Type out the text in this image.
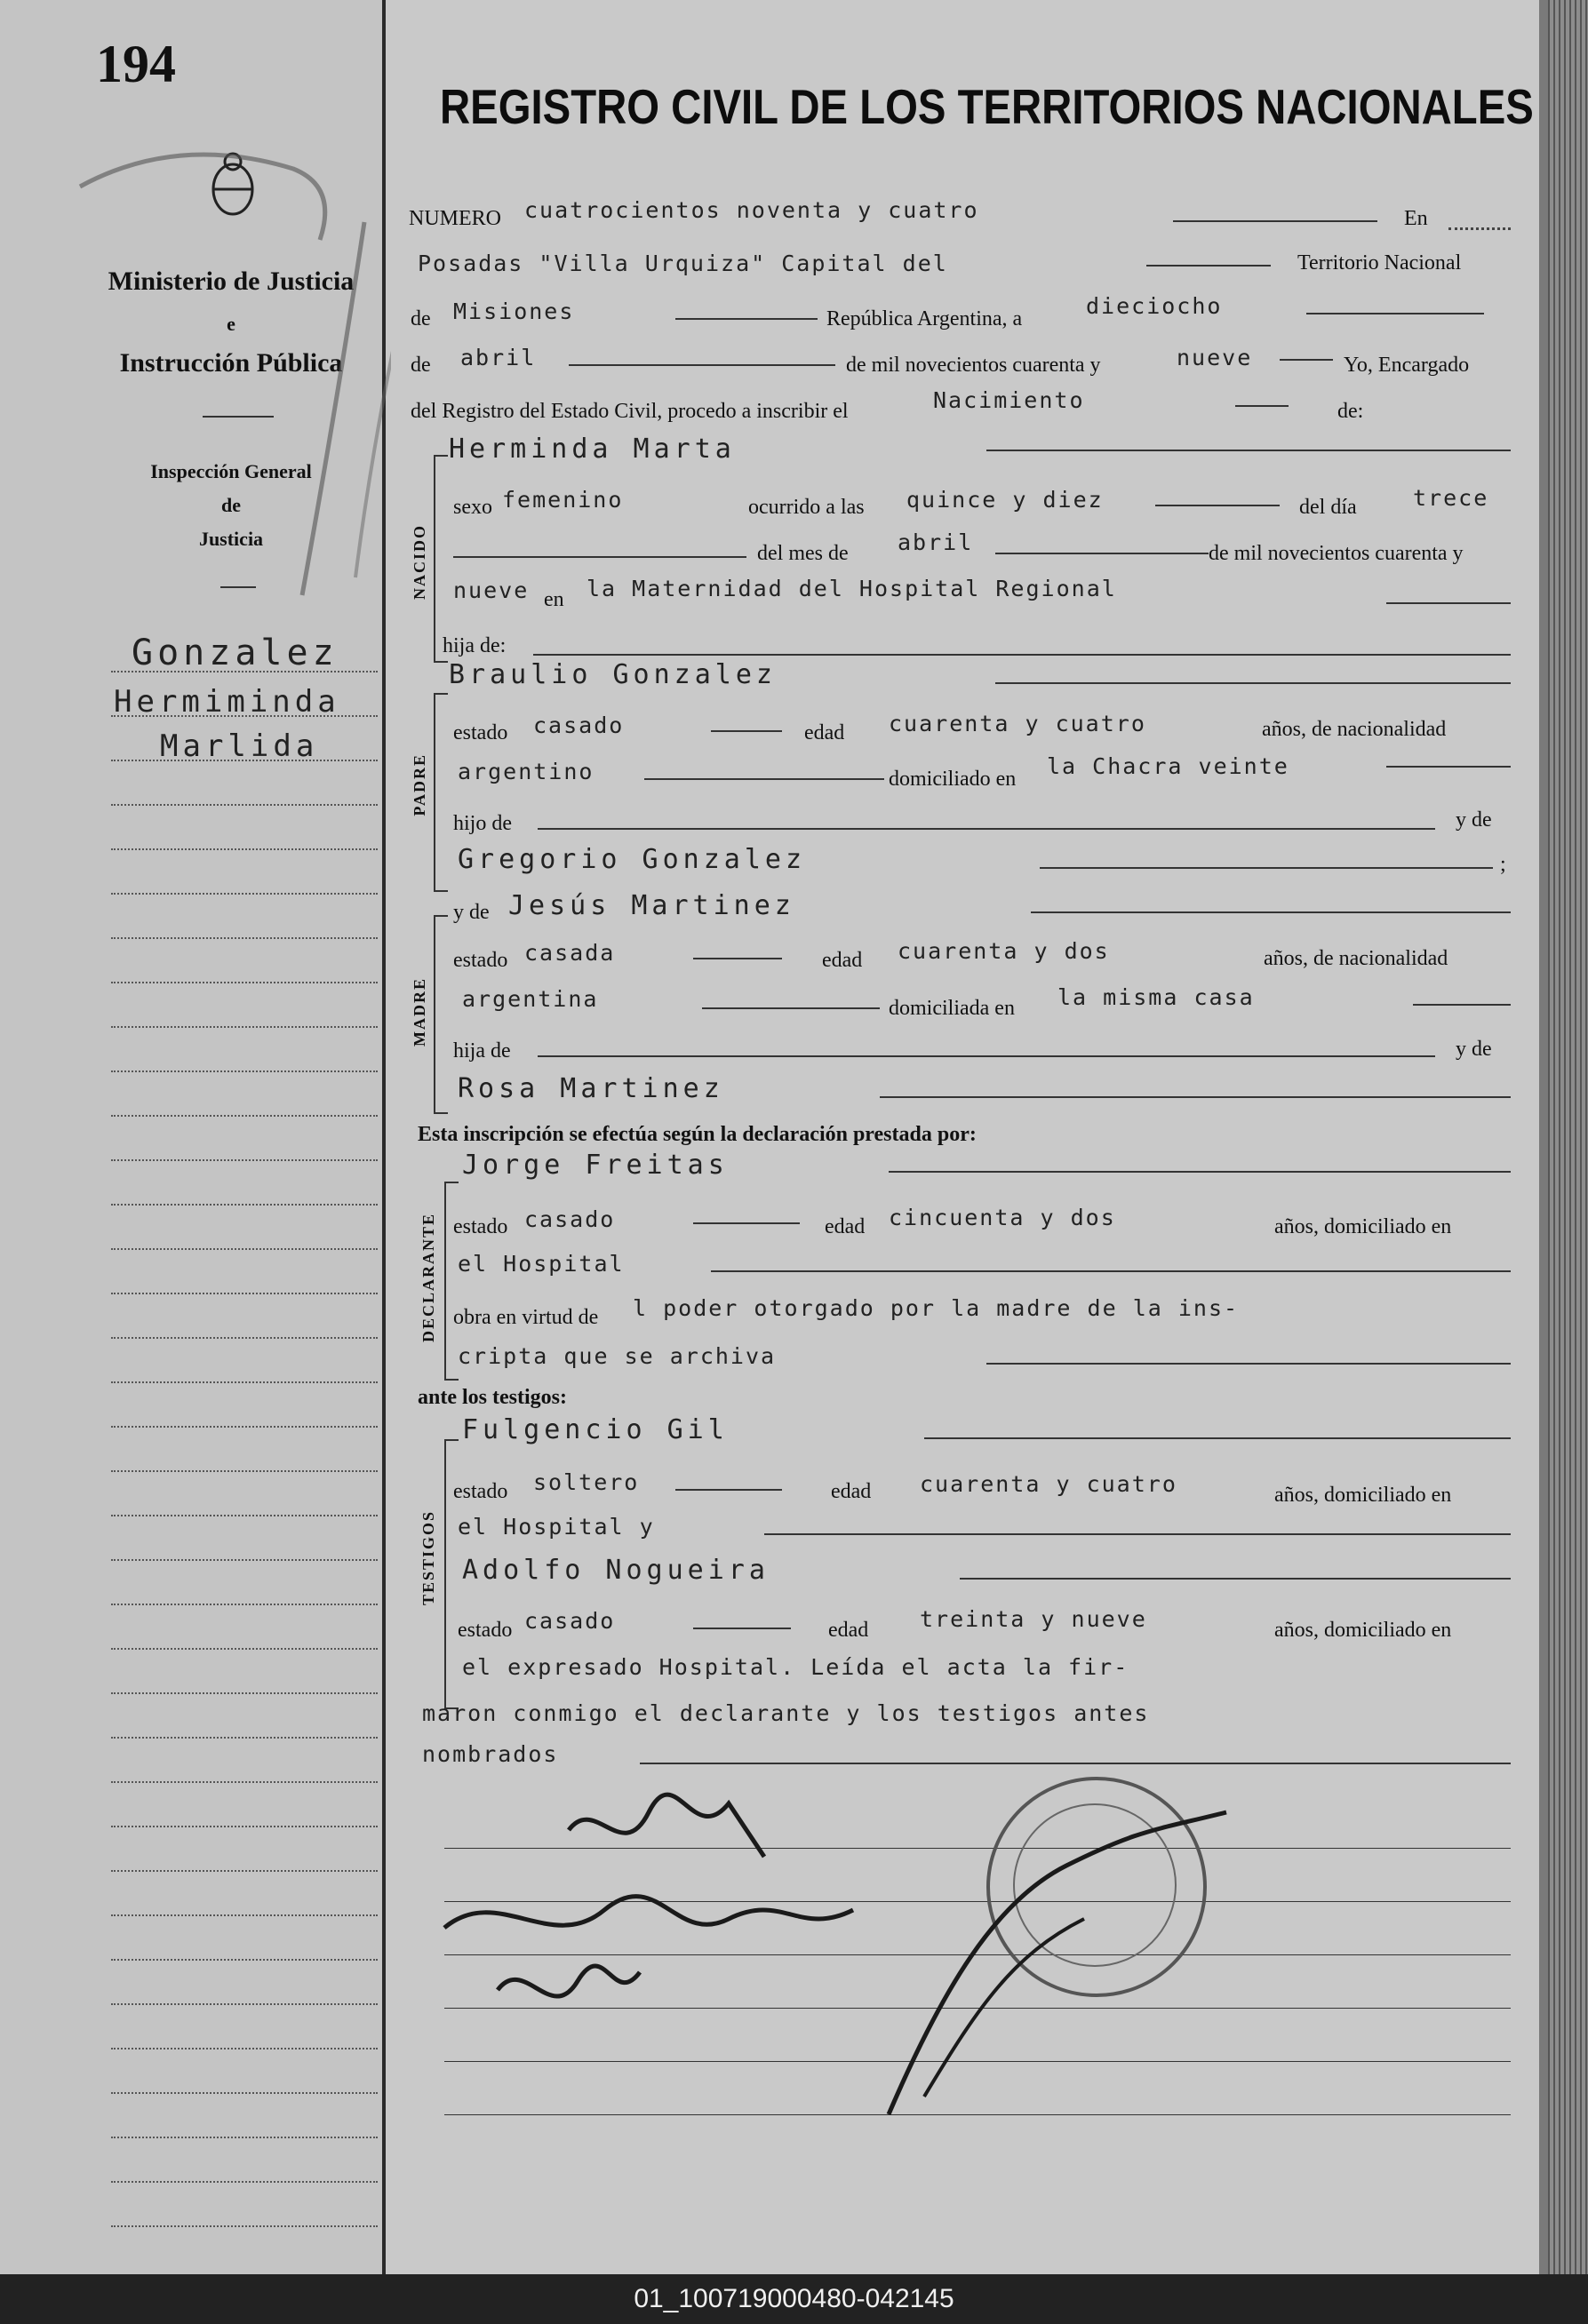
194
Ministerio de Justicia
e
Instrucción Pública
Inspección General
de
Justicia
Gonzalez
Hermiminda
Marlida
REGISTRO CIVIL DE LOS TERRITORIOS NACIONALES
NUMERO cuatrocientos noventa y cuatro	En
Posadas "Villa Urquiza" Capital del	Territorio Nacional
de Misiones	República Argentina, a	dieciocho
de abril	de mil novecientos cuarenta y	nueve	Yo, Encargado
del Registro del Estado Civil, procedo a inscribir el	Nacimiento	de:
NACIDO
Herminda Marta
sexo femenino	ocurrido a las quince y diez	del día	trece
del mes de abril	de mil novecientos cuarenta y
nueve en la Maternidad del Hospital Regional
hija de:
PADRE
Braulio Gonzalez
estado casado	edad cuarenta y cuatro	años, de nacionalidad
argentino	domiciliado en la Chacra veinte
hijo de	y de
Gregorio Gonzalez	;
y de Jesús Martinez
MADRE
estado casada	edad cuarenta y dos	años, de nacionalidad
argentina	domiciliada en la misma casa
hija de	y de
Rosa Martinez
Esta inscripción se efectúa según la declaración prestada por:
DECLARANTE
Jorge Freitas
estado casado	edad cincuenta y dos	años, domiciliado en
el Hospital
obra en virtud de l poder otorgado por la madre de la ins-
cripta que se archiva
ante los testigos:
TESTIGOS
Fulgencio Gil
estado soltero	edad cuarenta y cuatro	años, domiciliado en
el Hospital y
Adolfo Nogueira
estado casado	edad treinta y nueve	años, domiciliado en
el expresado Hospital. Leída el acta la fir-
maron conmigo el declarante y los testigos antes
nombrados
01_100719000480-042145
